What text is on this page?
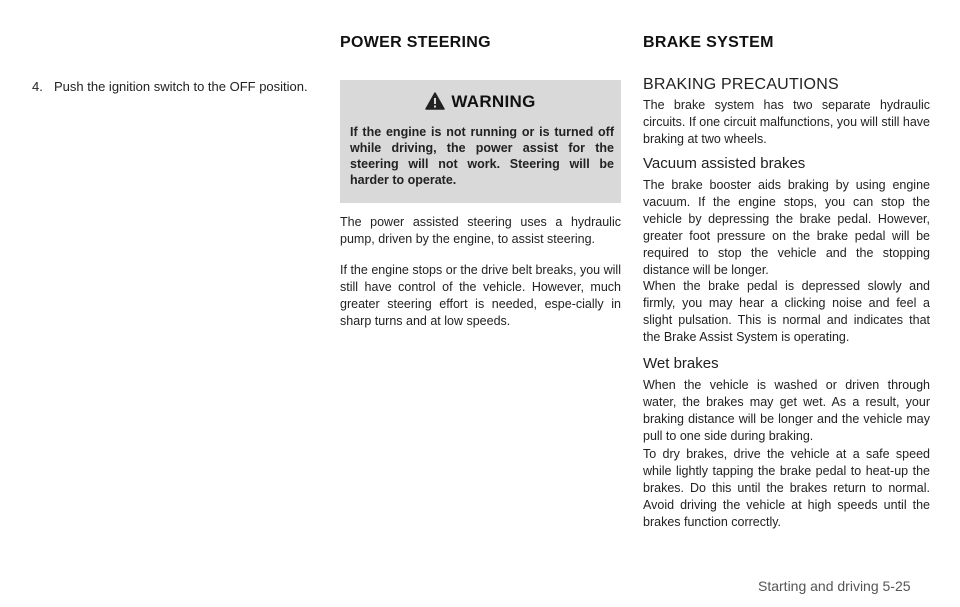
4. Push the ignition switch to the OFF position.
POWER STEERING
WARNING
If the engine is not running or is turned off while driving, the power assist for the steering will not work. Steering will be harder to operate.
The power assisted steering uses a hydraulic pump, driven by the engine, to assist steering.
If the engine stops or the drive belt breaks, you will still have control of the vehicle. However, much greater steering effort is needed, espe-cially in sharp turns and at low speeds.
BRAKE SYSTEM
BRAKING PRECAUTIONS
The brake system has two separate hydraulic circuits. If one circuit malfunctions, you will still have braking at two wheels.
Vacuum assisted brakes
The brake booster aids braking by using engine vacuum. If the engine stops, you can stop the vehicle by depressing the brake pedal. However, greater foot pressure on the brake pedal will be required to stop the vehicle and the stopping distance will be longer.
When the brake pedal is depressed slowly and firmly, you may hear a clicking noise and feel a slight pulsation. This is normal and indicates that the Brake Assist System is operating.
Wet brakes
When the vehicle is washed or driven through water, the brakes may get wet. As a result, your braking distance will be longer and the vehicle may pull to one side during braking.
To dry brakes, drive the vehicle at a safe speed while lightly tapping the brake pedal to heat-up the brakes. Do this until the brakes return to normal. Avoid driving the vehicle at high speeds until the brakes function correctly.
Starting and driving 5-25
